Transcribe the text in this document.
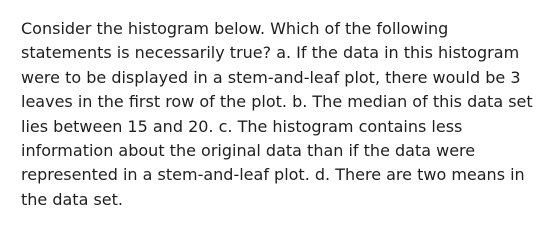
Consider the histogram below. Which of the following statements is necessarily true? a. If the data in this histogram were to be displayed in a stem-and-leaf plot, there would be 3 leaves in the first row of the plot. b. The median of this data set lies between 15 and 20. c. The histogram contains less information about the original data than if the data were represented in a stem-and-leaf plot. d. There are two means in the data set.
